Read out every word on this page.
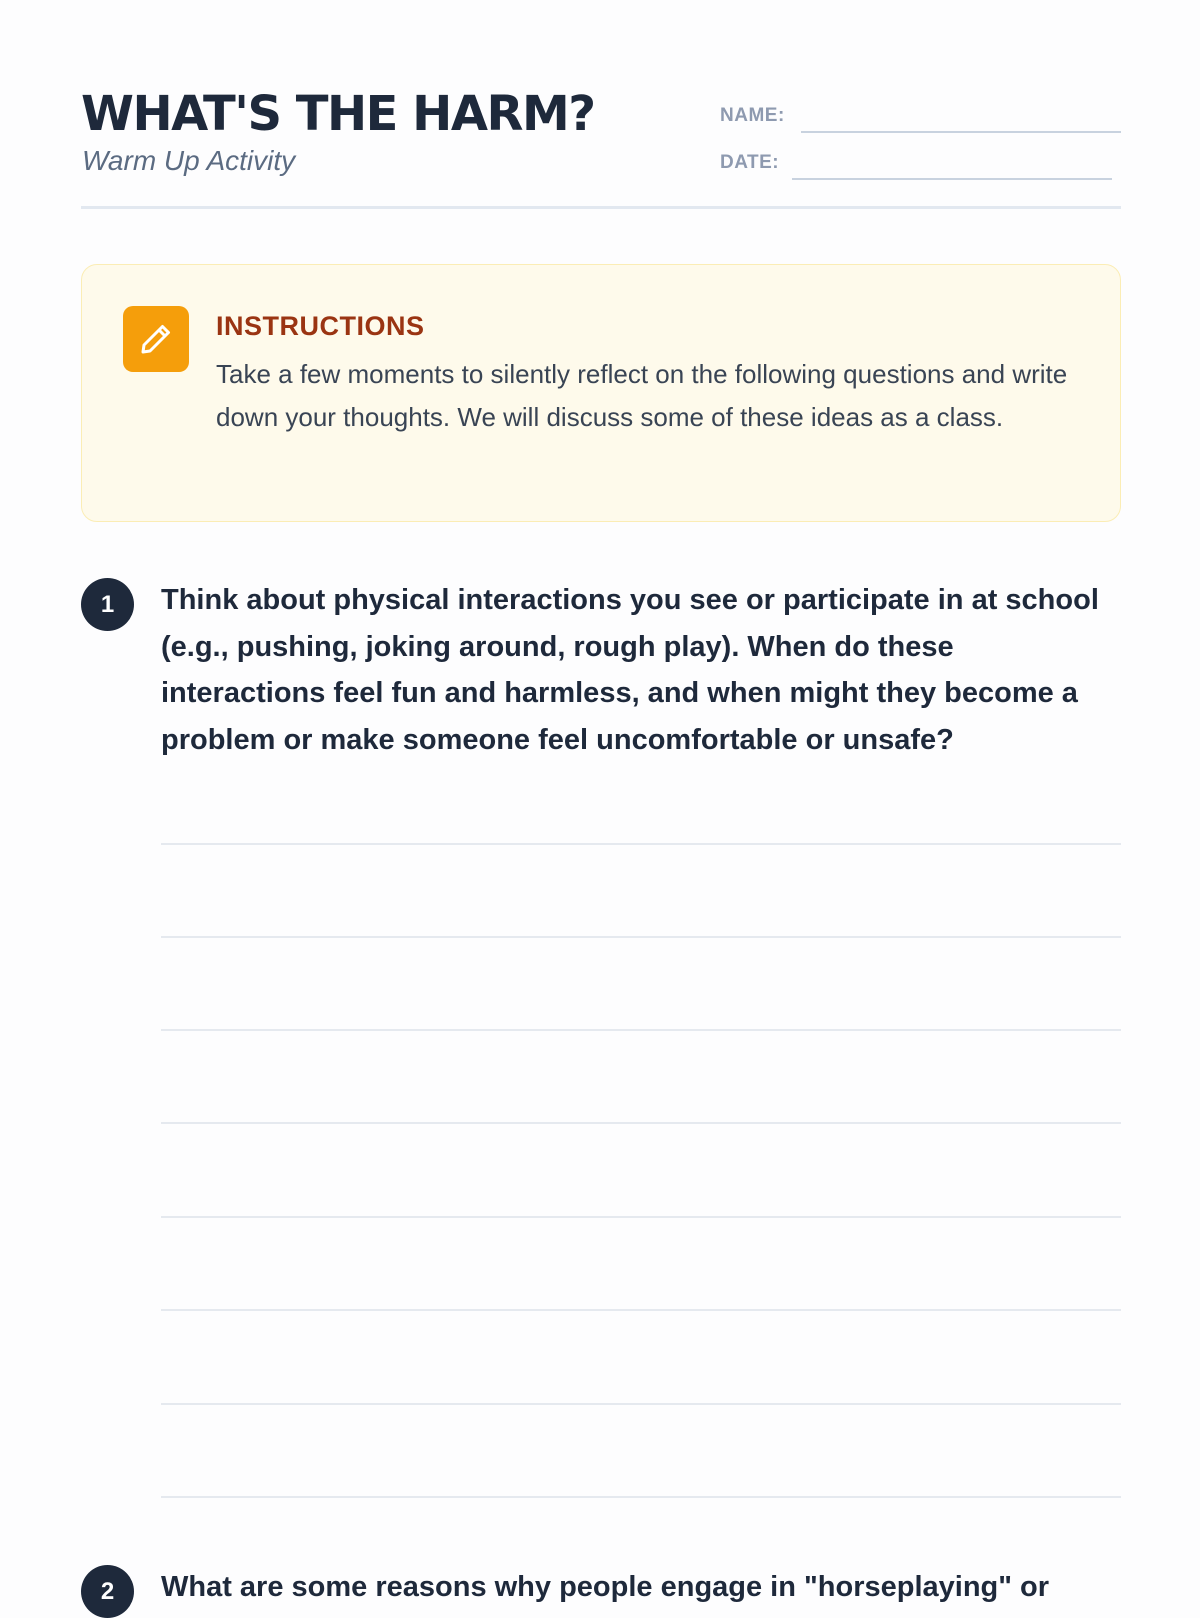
WHAT'S THE HARM?
Warm Up Activity
NAME:
DATE:
INSTRUCTIONS
Take a few moments to silently reflect on the following questions and write down your thoughts. We will discuss some of these ideas as a class.
1	Think about physical interactions you see or participate in at school (e.g., pushing, joking around, rough play). When do these interactions feel fun and harmless, and when might they become a problem or make someone feel uncomfortable or unsafe?
2	What are some reasons why people engage in "horseplaying" or
